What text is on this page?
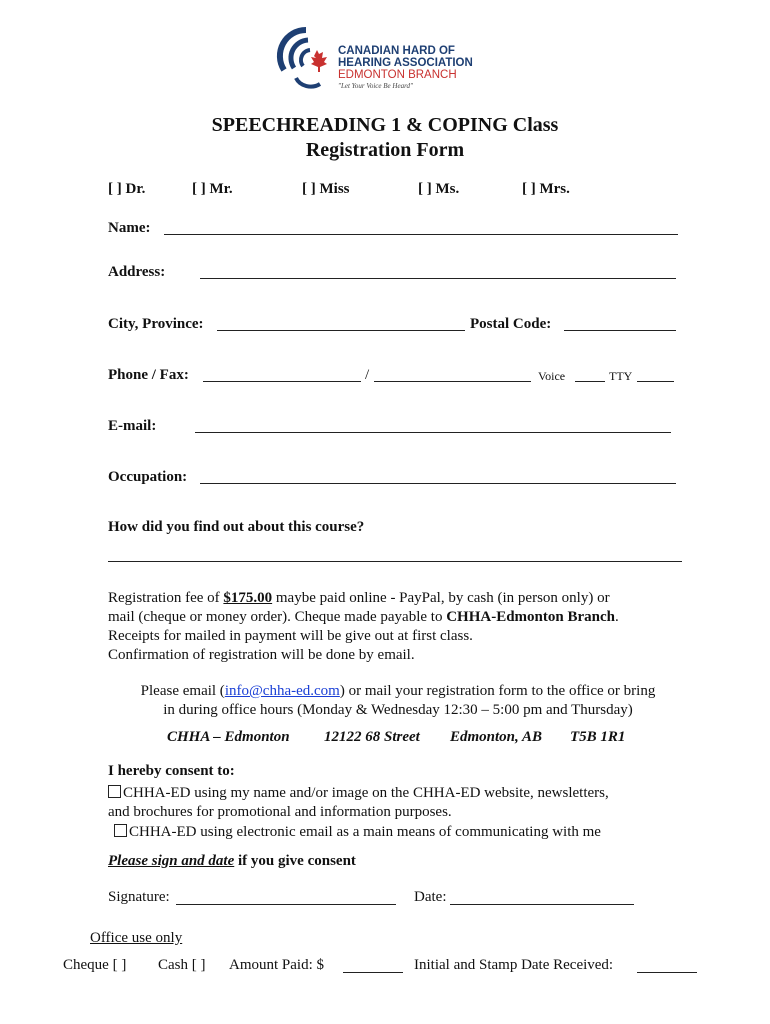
CANADIAN HARD OF
HEARING ASSOCIATION
EDMONTON BRANCH
"Let Your Voice Be Heard"
SPEECHREADING 1 & COPING Class
Registration Form
[ ] Dr.	[ ] Mr.	[ ] Miss	[ ] Ms.	[ ] Mrs.
Name:
Address:
City, Province:	Postal Code:
Phone / Fax:	/	Voice	TTY
E-mail:
Occupation:
How did you find out about this course?
Registration fee of $175.00 maybe paid online - PayPal, by cash (in person only) or
mail (cheque or money order). Cheque made payable to CHHA-Edmonton Branch.
Receipts for mailed in payment will be give out at first class.
Confirmation of registration will be done by email.
Please email (info@chha-ed.com) or mail your registration form to the office or bring
in during office hours (Monday & Wednesday 12:30 – 5:00 pm and Thursday)
CHHA – Edmonton 12122 68 Street Edmonton, AB T5B 1R1
I hereby consent to:
CHHA-ED using my name and/or image on the CHHA-ED website, newsletters,
and brochures for promotional and information purposes.
CHHA-ED using electronic email as a main means of communicating with me
Please sign and date if you give consent
Signature:	Date:
Office use only
Cheque [ ] Cash [ ] Amount Paid: $	Initial and Stamp Date Received:
